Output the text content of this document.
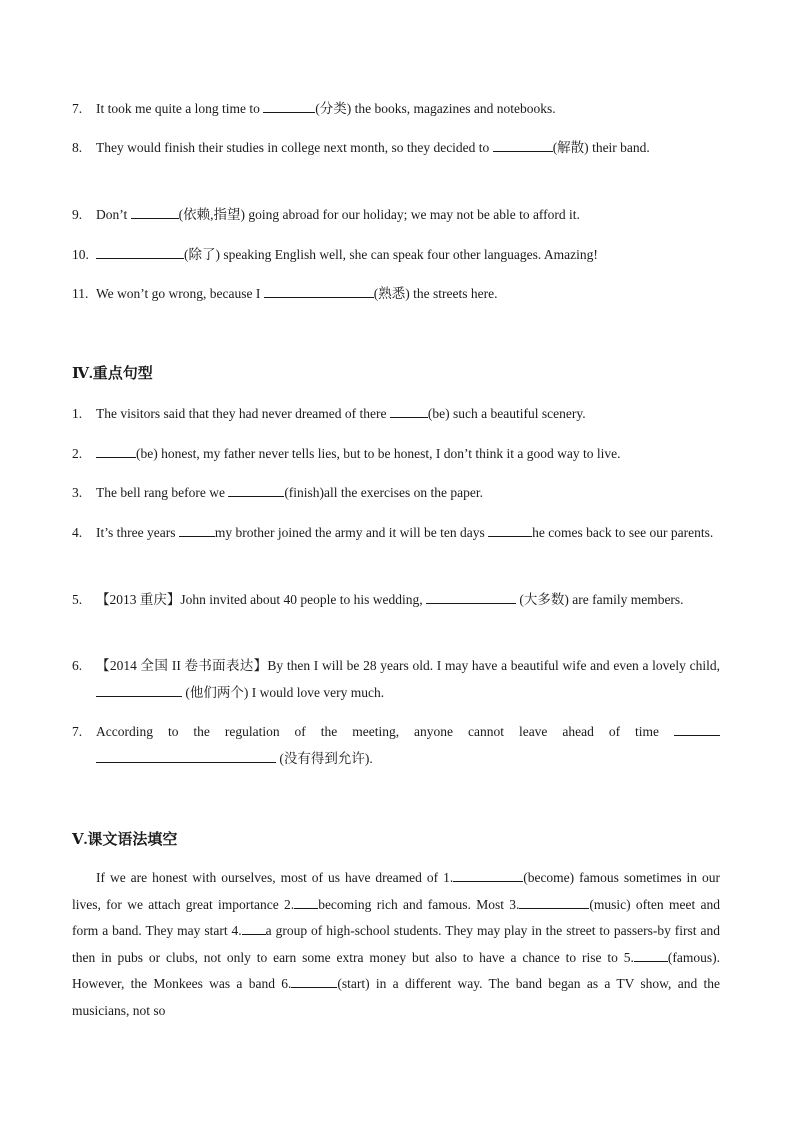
7. It took me quite a long time to	(分类) the books, magazines and notebooks.
8. They would finish their studies in college next month, so they decided to	(解散) their band.
9. Don’t	(依赖,指望) going abroad for our holiday; we may not be able to afford it.
10.	(除了) speaking English well, she can speak four other languages. Amazing!
11. We won’t go wrong, because I	(熟悉) the streets here.
Ⅳ.重点句型
1. The visitors said that they had never dreamed of there	(be) such a beautiful scenery.
2.	(be) honest, my father never tells lies, but to be honest, I don’t think it a good way to live.
3. The bell rang before we	(finish)all the exercises on the paper.
4. It’s three years	my brother joined the army and it will be ten days	he comes back to see our parents.
5. 【2013 重庆】John invited about 40 people to his wedding,	(大多数) are family members.
6. 【2014 全国 II 卷书面表达】By then I will be 28 years old. I may have a beautiful wife and even a lovely child,  (他们两个) I would love very much.
7. According to the regulation of the meeting, anyone cannot leave ahead of time   (没有得到允许).
Ⅴ.课文语法填空
If we are honest with ourselves, most of us have dreamed of 1.	(become) famous sometimes in our lives, for we attach great importance 2. becoming rich and famous. Most 3.	(music) often meet and form a band. They may start 4. a group of high-school students. They may play in the street to passers-by first and then in pubs or clubs, not only to earn some extra money but also to have a chance to rise to 5.	(famous). However, the Monkees was a band 6.	(start) in a different way. The band began as a TV show, and the musicians, not so
